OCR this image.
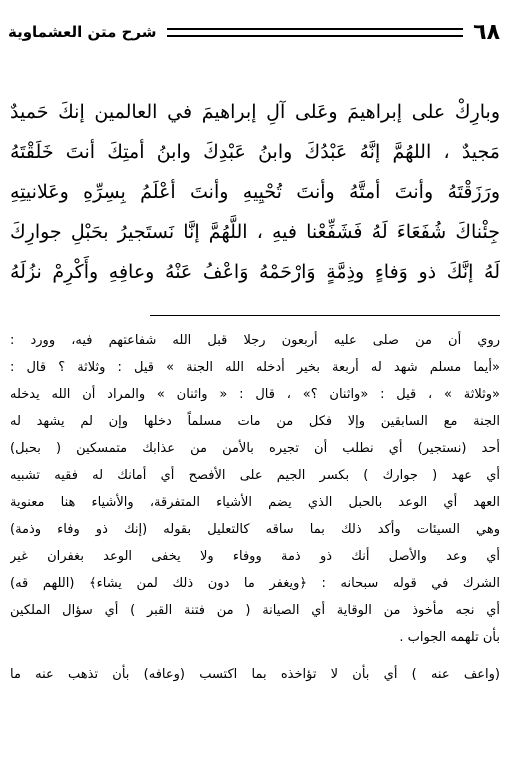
شرح متن العشماوية	٦٨
وبارِكْ على إبراهيمَ وعَلى آلِ إبراهيمَ في العالمين إنكَ حَميدٌ
مَجيدٌ ، اللهُمَّ إنَّهُ عَبْدُكَ وابنُ عَبْدِكَ وابنُ أمتِكَ أنتَ خَلَقْتَهُ
ورَزَقْتَهُ وأنتَ أمتَّهُ وأنتَ تُحْيِيهِ وأنتَ أعْلَمُ بِسِرِّهِ وعَلانيتِهِ
جِئْناكَ شُفَعَاءَ لَهُ فَشَفِّعْنا فيهِ ، اللَّهُمَّ إنَّا نَستَجيرُ بحَبْلِ جوارِكَ
لَهُ إنَّكَ ذو وَفاءٍ وذِمَّةٍ وَارْحَمْهُ وَاعْفُ عَنْهُ وعافِهِ وأَكْرِمْ نزُلَهُ
روي أن من صلى عليه أربعون رجلا قبل الله شفاعتهم فيه، وورد :
«أيما مسلم شهد له أربعة بخير أدخله الله الجنة » قيل : وثلاثة ؟ قال :
«وثلاثة » ، قيل : «واثنان ؟» ، قال : « واثنان » والمراد أن الله يدخله
الجنة مع السابقين وإلا فكل من مات مسلماً دخلها وإن لم يشهد له
أحد (نستجير) أي نطلب أن تجيره بالأمن من عذابك متمسكين ( بحبل)
أي عهد ( جوارك ) بكسر الجيم على الأفصح أي أمانك له فقيه تشبيه
العهد أي الوعد بالحبل الذي يضم الأشياء المتفرقة، والأشياء هنا معنوية
وهي السيئات وأكد ذلك بما ساقه كالتعليل بقوله (إنك ذو وفاء وذمة)
أي وعد والأصل أنك ذو ذمة ووفاء ولا يخفى الوعد بغفران غير
الشرك في قوله سبحانه : ﴿ويغفر ما دون ذلك لمن يشاء﴾ (اللهم قه)
أي نجه مأخوذ من الوقاية أي الصيانة ( من فتنة القبر ) أي سؤال الملكين
بأن تلهمه الجواب .
(واعف عنه ) أي بأن لا تؤاخذه بما اكتسب (وعافه) بأن تذهب عنه ما
